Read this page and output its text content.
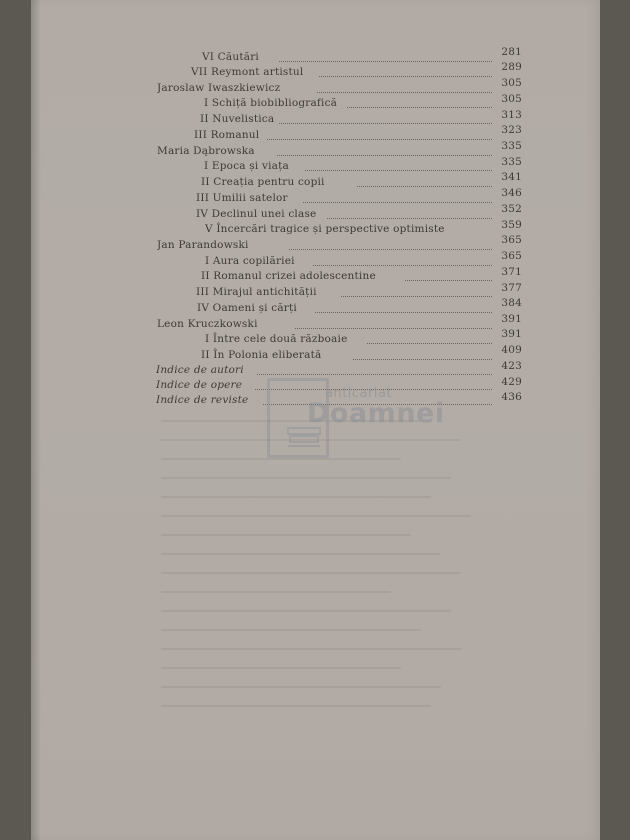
VI Căutări
VII Reymont artistul
Jaroslaw Iwaszkiewicz
I Schiță biobibliografică
II Nuvelistica
III Romanul
Maria Dąbrowska
I Epoca și viața
II Creația pentru copii
III Umilii satelor
IV Declinul unei clase
V Încercări tragice și perspective optimiste
Jan Parandowski
I Aura copilăriei
II Romanul crizei adolescentine
III Mirajul antichității
IV Oameni și cărți
Leon Kruczkowski
I Între cele două războaie
II În Polonia eliberată
Indice de autori
Indice de opere
Indice de reviste
281
289
305
305
313
323
335
335
341
346
352
359
365
365
371
377
384
391
391
409
423
429
436
anticariat
Doamnei
